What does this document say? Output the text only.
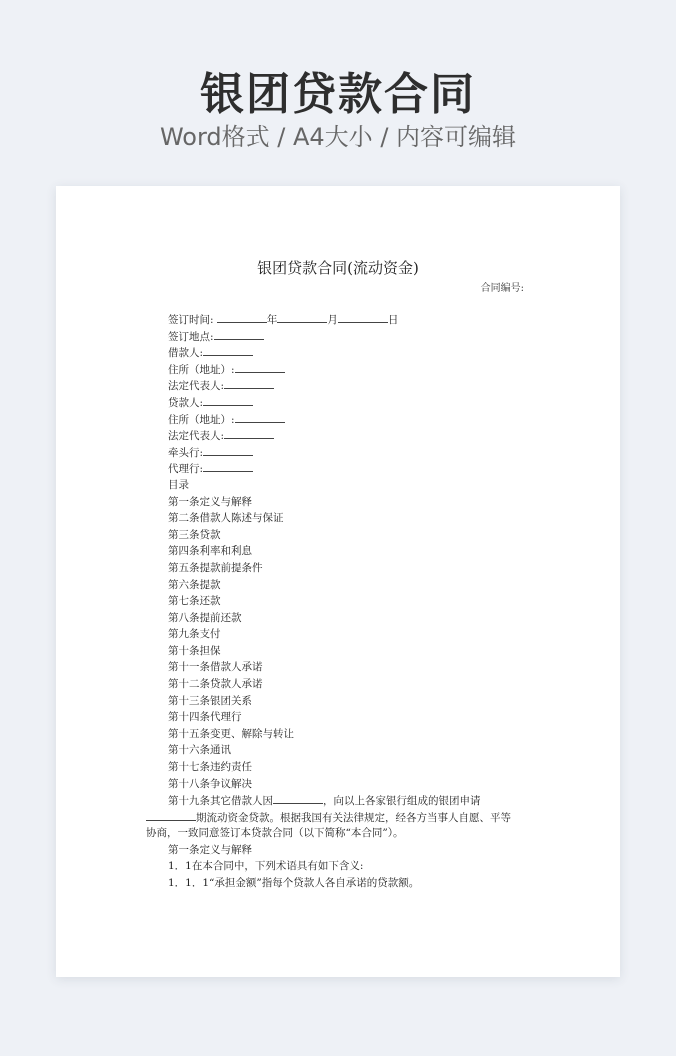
银团贷款合同
Word格式 / A4大小 / 内容可编辑
银团贷款合同(流动资金)
合同编号:
签订时间:	年	月	日
签订地点:
借款人:
住所（地址）:
法定代表人:
贷款人:
住所（地址）:
法定代表人:
牵头行:
代理行:
目录
第一条定义与解释
第二条借款人陈述与保证
第三条贷款
第四条利率和利息
第五条提款前提条件
第六条提款
第七条还款
第八条提前还款
第九条支付
第十条担保
第十一条借款人承诺
第十二条贷款人承诺
第十三条银团关系
第十四条代理行
第十五条变更、解除与转让
第十六条通讯
第十七条违约责任
第十八条争议解决
第十九条其它借款人因	，向以上各家银行组成的银团申请
期流动资金贷款。根据我国有关法律规定，经各方当事人自愿、平等
协商，一致同意签订本贷款合同（以下简称“本合同”）。
第一条定义与解释
1．1在本合同中，下列术语具有如下含义:
1．1．1“承担金额”指每个贷款人各自承诺的贷款额。
